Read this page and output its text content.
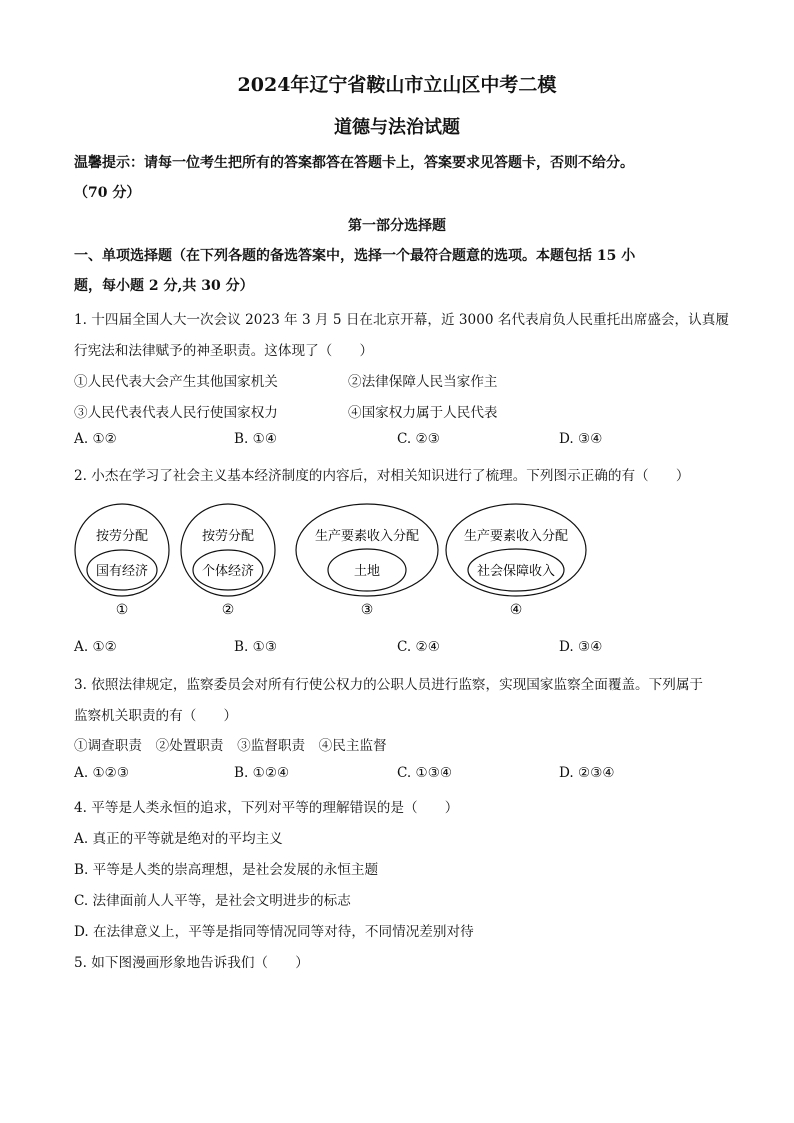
2024年辽宁省鞍山市立山区中考二模
道德与法治试题
温馨提示：请每一位考生把所有的答案都答在答题卡上，答案要求见答题卡，否则不给分。
（70 分）
第一部分选择题
一、单项选择题（在下列各题的备选答案中，选择一个最符合题意的选项。本题包括 15 小
题，每小题 2 分,共 30 分）
1. 十四届全国人大一次会议 2023 年 3 月 5 日在北京开幕，近 3000 名代表肩负人民重托出席盛会，认真履
行宪法和法律赋予的神圣职责。这体现了（　　）
①人民代表大会产生其他国家机关	②法律保障人民当家作主
③人民代表代表人民行使国家权力	④国家权力属于人民代表
A. ①②	B. ①④	C. ②③	D. ③④
2. 小杰在学习了社会主义基本经济制度的内容后，对相关知识进行了梳理。下列图示正确的有（　　）
按劳分配
国有经济
①
按劳分配
个体经济
②
生产要素收入分配
土地
③
生产要素收入分配
社会保障收入
④
A. ①②	B. ①③	C. ②④	D. ③④
3. 依照法律规定，监察委员会对所有行使公权力的公职人员进行监察，实现国家监察全面覆盖。下列属于
监察机关职责的有（　　）
①调查职责　②处置职责　③监督职责　④民主监督
A. ①②③	B. ①②④	C. ①③④	D. ②③④
4. 平等是人类永恒的追求，下列对平等的理解错误的是（　　）
A. 真正的平等就是绝对的平均主义
B. 平等是人类的崇高理想，是社会发展的永恒主题
C. 法律面前人人平等，是社会文明进步的标志
D. 在法律意义上，平等是指同等情况同等对待，不同情况差别对待
5. 如下图漫画形象地告诉我们（　　）
